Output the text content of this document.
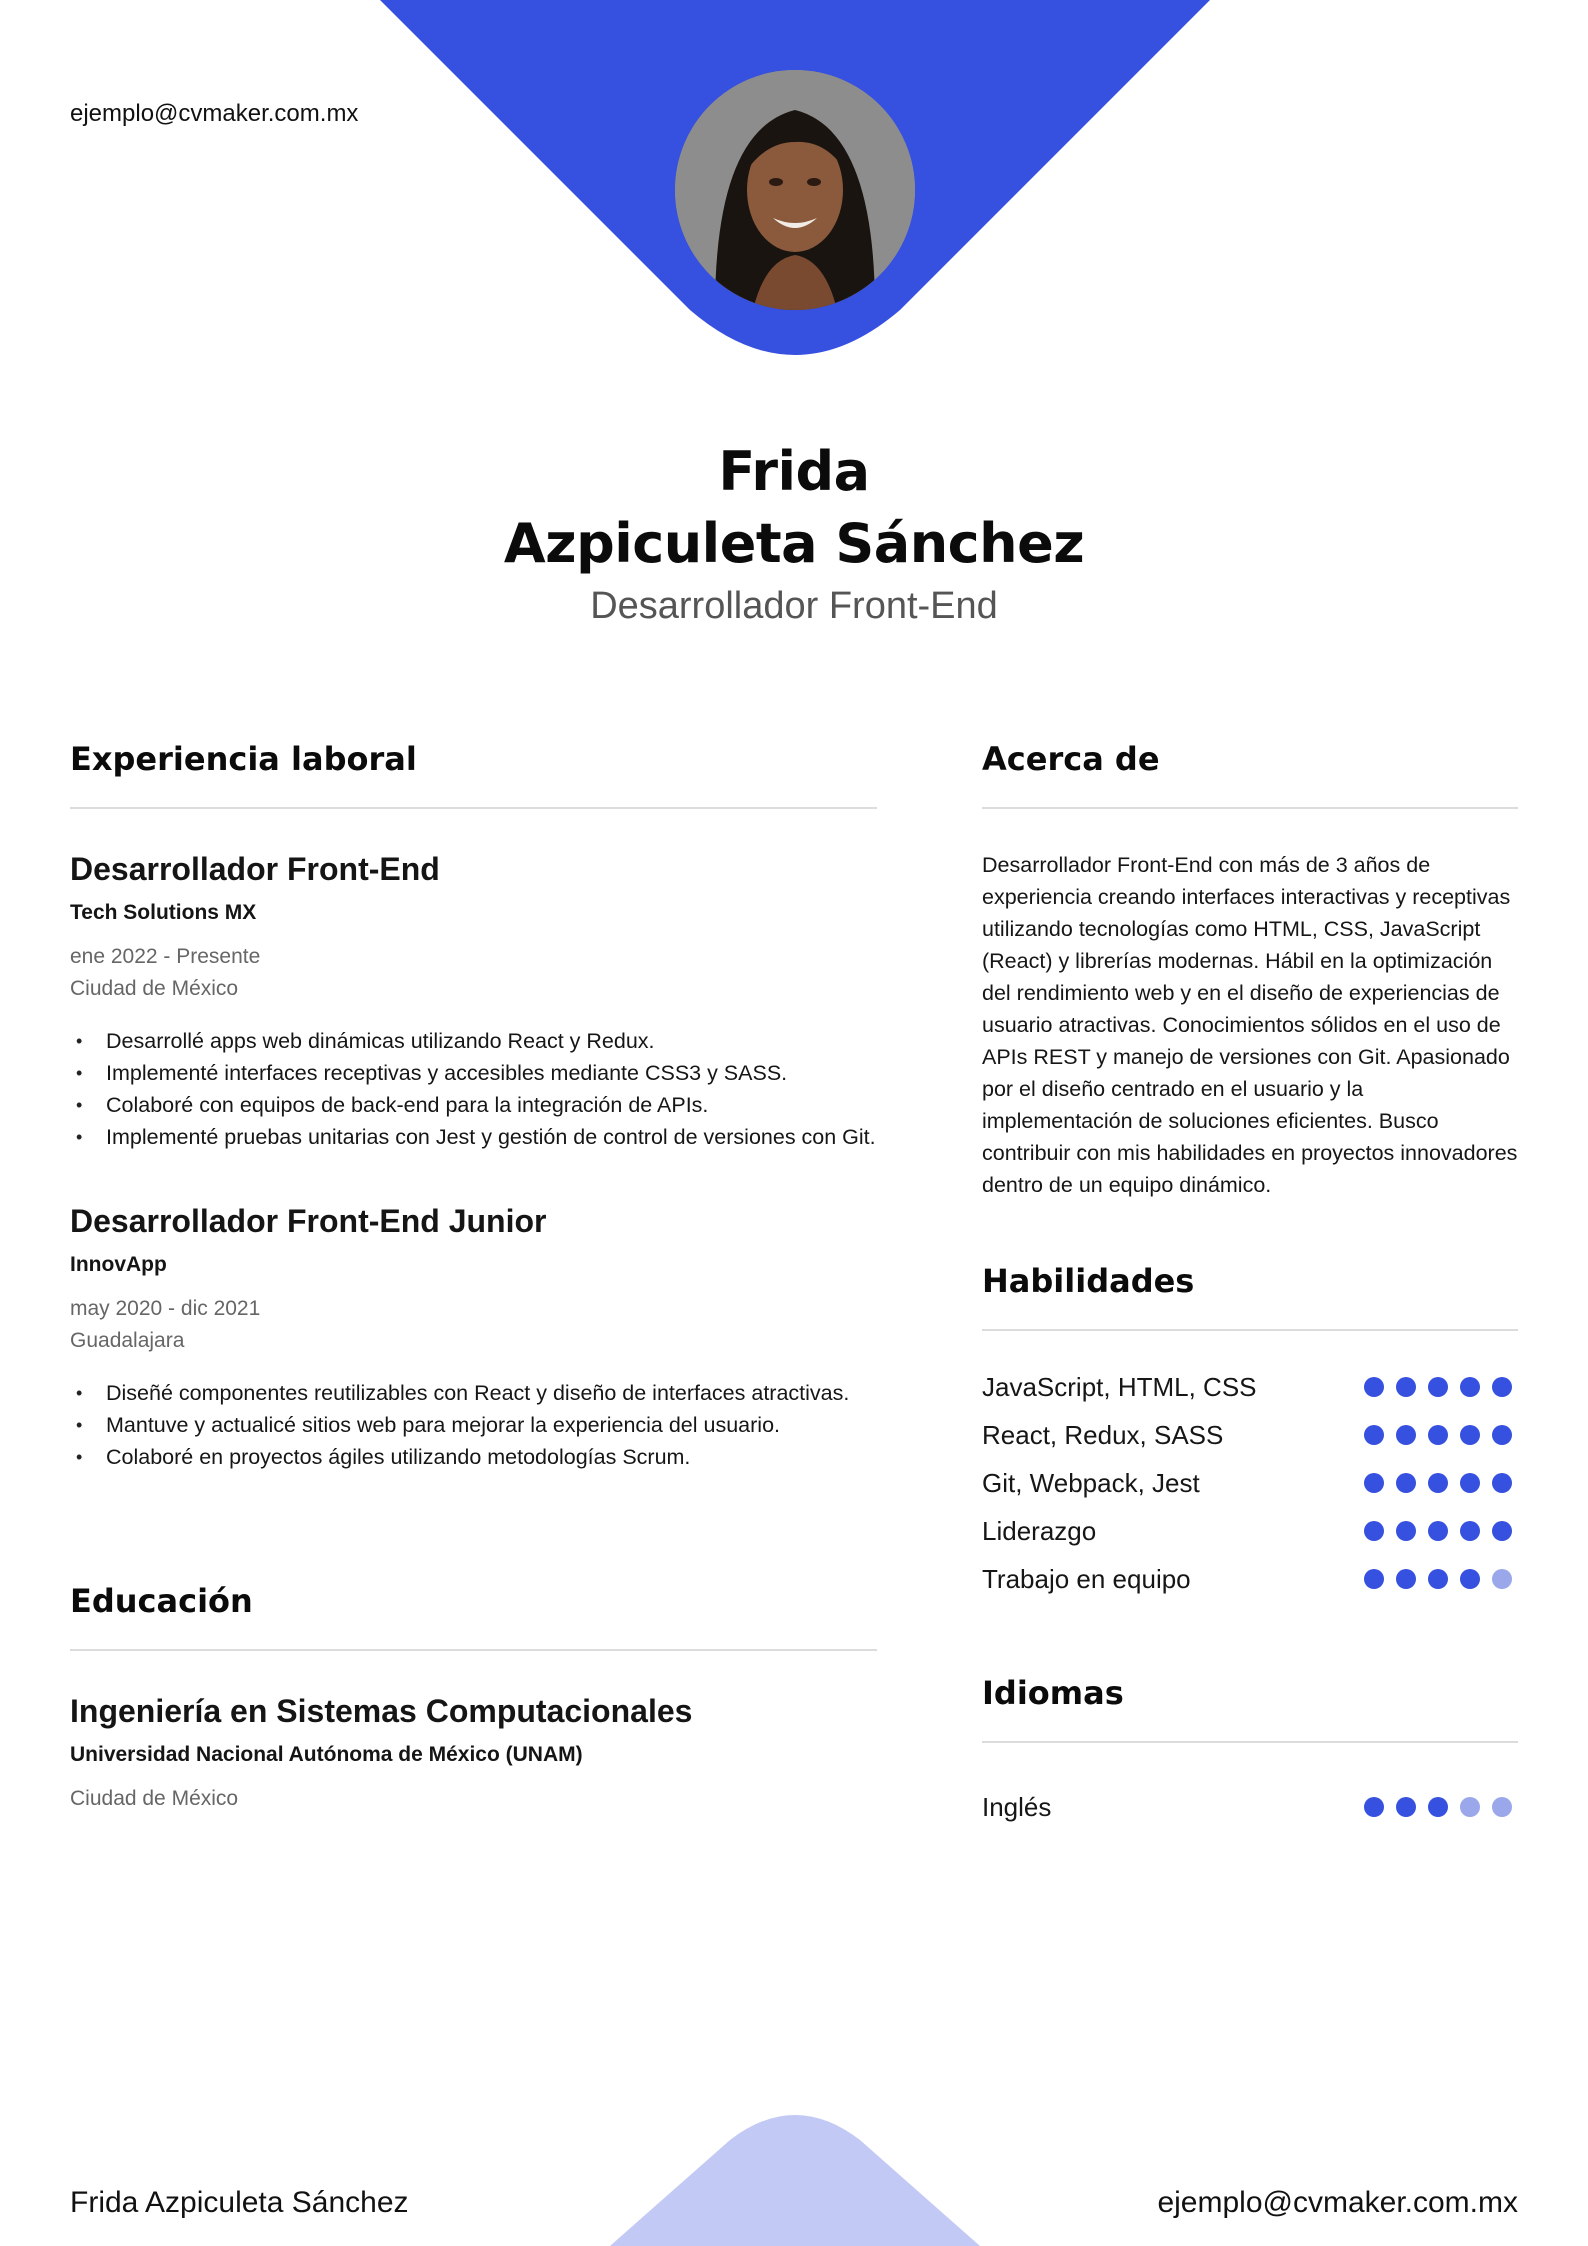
ejemplo@cvmaker.com.mx
Frida
Azpiculeta Sánchez
Desarrollador Front-End
Experiencia laboral
Desarrollador Front-End
Tech Solutions MX
ene 2022 - Presente
Ciudad de México
• Desarrollé apps web dinámicas utilizando React y Redux.
• Implementé interfaces receptivas y accesibles mediante CSS3 y SASS.
• Colaboré con equipos de back-end para la integración de APIs.
• Implementé pruebas unitarias con Jest y gestión de control de versiones con Git.
Desarrollador Front-End Junior
InnovApp
may 2020 - dic 2021
Guadalajara
• Diseñé componentes reutilizables con React y diseño de interfaces atractivas.
• Mantuve y actualicé sitios web para mejorar la experiencia del usuario.
• Colaboré en proyectos ágiles utilizando metodologías Scrum.
Educación
Ingeniería en Sistemas Computacionales
Universidad Nacional Autónoma de México (UNAM)
Ciudad de México
Acerca de

Desarrollador Front-End con más de 3 años de experiencia creando interfaces interactivas y receptivas utilizando tecnologías como HTML, CSS, JavaScript (React) y librerías modernas. Hábil en la optimización del rendimiento web y en el diseño de experiencias de usuario atractivas. Conocimientos sólidos en el uso de APIs REST y manejo de versiones con Git. Apasionado por el diseño centrado en el usuario y la implementación de soluciones eficientes. Busco contribuir con mis habilidades en proyectos innovadores dentro de un equipo dinámico.

Habilidades
JavaScript, HTML, CSS
React, Redux, SASS
Git, Webpack, Jest
Liderazgo
Trabajo en equipo
Idiomas
Inglés
Frida Azpiculeta Sánchez	ejemplo@cvmaker.com.mx
